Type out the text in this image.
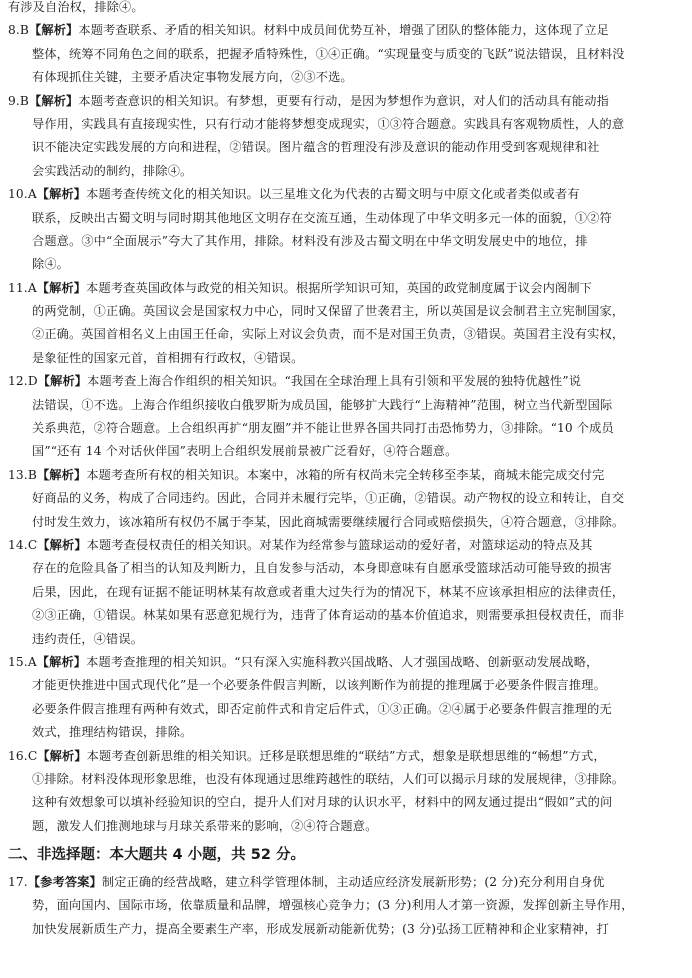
有涉及自治权，排除④。
8.B【解析】本题考查联系、矛盾的相关知识。材料中成员间优势互补，增强了团队的整体能力，这体现了立足
整体，统筹不同角色之间的联系，把握矛盾特殊性，①④正确。“实现量变与质变的飞跃”说法错误，且材料没
有体现抓住关键，主要矛盾决定事物发展方向，②③不选。
9.B【解析】本题考查意识的相关知识。有梦想，更要有行动，是因为梦想作为意识，对人们的活动具有能动指
导作用，实践具有直接现实性，只有行动才能将梦想变成现实，①③符合题意。实践具有客观物质性，人的意
识不能决定实践发展的方向和进程，②错误。图片蕴含的哲理没有涉及意识的能动作用受到客观规律和社
会实践活动的制约，排除④。
10.A【解析】本题考查传统文化的相关知识。以三星堆文化为代表的古蜀文明与中原文化或者类似或者有
联系，反映出古蜀文明与同时期其他地区文明存在交流互通，生动体现了中华文明多元一体的面貌，①②符
合题意。③中“全面展示”夸大了其作用，排除。材料没有涉及古蜀文明在中华文明发展史中的地位，排
除④。
11.A【解析】本题考查英国政体与政党的相关知识。根据所学知识可知，英国的政党制度属于议会内阁制下
的两党制，①正确。英国议会是国家权力中心，同时又保留了世袭君主，所以英国是议会制君主立宪制国家，
②正确。英国首相名义上由国王任命，实际上对议会负责，而不是对国王负责，③错误。英国君主没有实权，
是象征性的国家元首，首相拥有行政权，④错误。
12.D【解析】本题考查上海合作组织的相关知识。“我国在全球治理上具有引领和平发展的独特优越性”说
法错误，①不选。上海合作组织接收白俄罗斯为成员国，能够扩大践行“上海精神”范围，树立当代新型国际
关系典范，②符合题意。上合组织再扩“朋友圈”并不能让世界各国共同打击恐怖势力，③排除。“10 个成员
国”“还有 14 个对话伙伴国”表明上合组织发展前景被广泛看好，④符合题意。
13.B【解析】本题考查所有权的相关知识。本案中，冰箱的所有权尚未完全转移至李某，商城未能完成交付完
好商品的义务，构成了合同违约。因此，合同并未履行完毕，①正确，②错误。动产物权的设立和转让，自交
付时发生效力，该冰箱所有权仍不属于李某，因此商城需要继续履行合同或赔偿损失，④符合题意，③排除。
14.C【解析】本题考查侵权责任的相关知识。对某作为经常参与篮球运动的爱好者，对篮球运动的特点及其
存在的危险具备了相当的认知及判断力，且自发参与活动，本身即意味有自愿承受篮球活动可能导致的损害
后果，因此，在现有证据不能证明林某有故意或者重大过失行为的情况下，林某不应该承担相应的法律责任，
②③正确，①错误。林某如果有恶意犯规行为，违背了体育运动的基本价值追求，则需要承担侵权责任，而非
违约责任，④错误。
15.A【解析】本题考查推理的相关知识。“只有深入实施科教兴国战略、人才强国战略、创新驱动发展战略，
才能更快推进中国式现代化”是一个必要条件假言判断，以该判断作为前提的推理属于必要条件假言推理。
必要条件假言推理有两种有效式，即否定前件式和肯定后件式，①③正确。②④属于必要条件假言推理的无
效式，推理结构错误，排除。
16.C【解析】本题考查创新思维的相关知识。迁移是联想思维的“联结”方式，想象是联想思维的“畅想”方式，
①排除。材料没体现形象思维，也没有体现通过思维跨越性的联结，人们可以揭示月球的发展规律，③排除。
这种有效想象可以填补经验知识的空白，提升人们对月球的认识水平，材料中的网友通过提出“假如”式的问
题，激发人们推测地球与月球关系带来的影响，②④符合题意。
二、非选择题：本大题共 4 小题，共 52 分。
17.【参考答案】制定正确的经营战略，建立科学管理体制，主动适应经济发展新形势；(2 分)充分利用自身优
势，面向国内、国际市场，依靠质量和品牌，增强核心竞争力；(3 分)利用人才第一资源，发挥创新主导作用，
加快发展新质生产力，提高全要素生产率，形成发展新动能新优势；(3 分)弘扬工匠精神和企业家精神，打
